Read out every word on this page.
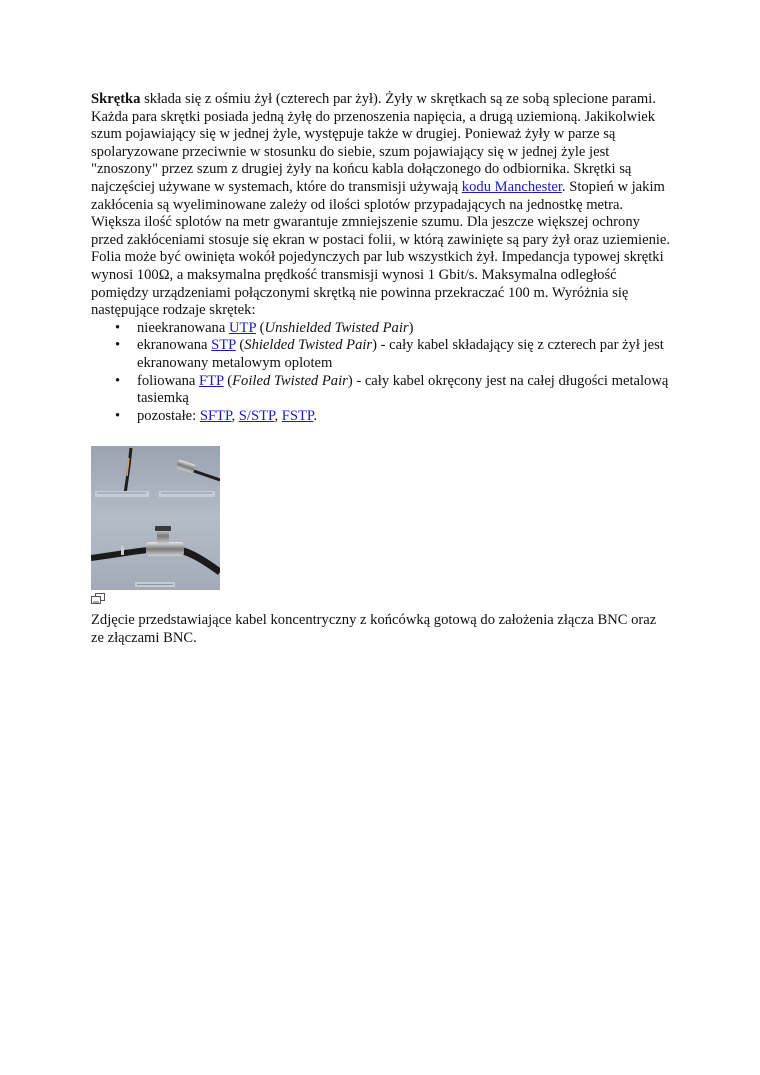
Skrętka składa się z ośmiu żył (czterech par żył). Żyły w skrętkach są ze sobą splecione parami. Każda para skrętki posiada jedną żyłę do przenoszenia napięcia, a drugą uziemioną. Jakikolwiek szum pojawiający się w jednej żyle, występuje także w drugiej. Ponieważ żyły w parze są spolaryzowane przeciwnie w stosunku do siebie, szum pojawiający się w jednej żyle jest "znoszony" przez szum z drugiej żyły na końcu kabla dołączonego do odbiornika. Skrętki są najczęściej używane w systemach, które do transmisji używają kodu Manchester. Stopień w jakim zakłócenia są wyeliminowane zależy od ilości splotów przypadających na jednostkę metra. Większa ilość splotów na metr gwarantuje zmniejszenie szumu. Dla jeszcze większej ochrony przed zakłóceniami stosuje się ekran w postaci folii, w którą zawinięte są pary żył oraz uziemienie. Folia może być owinięta wokół pojedynczych par lub wszystkich żył. Impedancja typowej skrętki wynosi 100Ω, a maksymalna prędkość transmisji wynosi 1 Gbit/s. Maksymalna odległość pomiędzy urządzeniami połączonymi skrętką nie powinna przekraczać 100 m. Wyróżnia się następujące rodzaje skrętek:

• nieekranowana UTP (Unshielded Twisted Pair)
• ekranowana STP (Shielded Twisted Pair) - cały kabel składający się z czterech par żył jest ekranowany metalowym oplotem
• foliowana FTP (Foiled Twisted Pair) - cały kabel okręcony jest na całej długości metalową tasiemką
• pozostałe: SFTP, S/STP, FSTP.

Zdjęcie przedstawiające kabel koncentryczny z końcówką gotową do założenia złącza BNC oraz ze złączami BNC.
